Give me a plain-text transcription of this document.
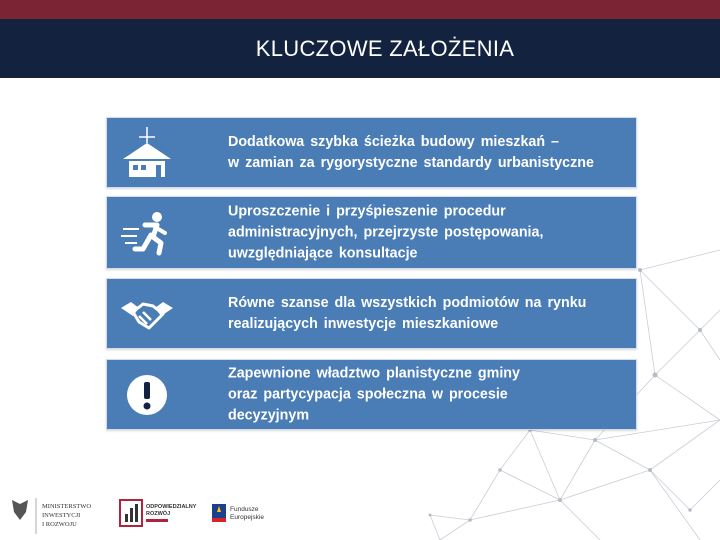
KLUCZOWE ZAŁOŻENIA
Dodatkowa szybka ścieżka budowy mieszkań –
w zamian za rygorystyczne standardy urbanistyczne
Uproszczenie i przyśpieszenie procedur
administracyjnych, przejrzyste postępowania,
uwzględniające konsultacje
Równe szanse dla wszystkich podmiotów na rynku
realizujących inwestycje mieszkaniowe
Zapewnione władztwo planistyczne gminy
oraz partycypacja społeczna w procesie
decyzyjnym
MINISTERSTWO
INWESTYCJI
I ROZWOJU
ODPOWIEDZIALNY
ROZWÓJ
Fundusze
Europejskie
